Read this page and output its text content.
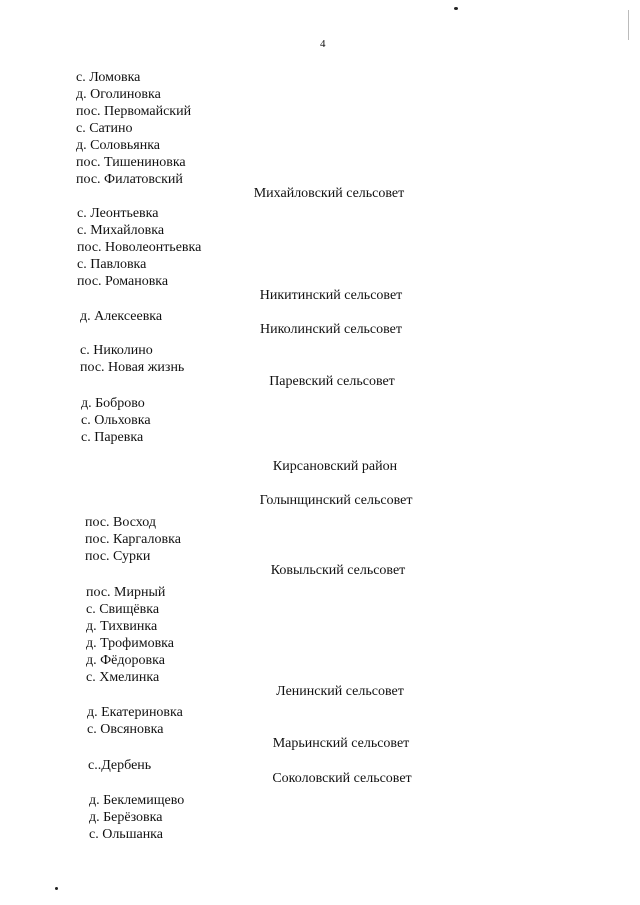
4
с. Ломовка
д. Оголиновка
пос. Первомайский
с. Сатино
д. Соловьянка
пос. Тишениновка
пос. Филатовский
Михайловский сельсовет
с. Леонтьевка
с. Михайловка
пос. Новолеонтьевка
с. Павловка
пос. Романовка
Никитинский сельсовет
д. Алексеевка
Николинский сельсовет
с. Николино
пос. Новая жизнь
Паревский сельсовет
д. Боброво
с. Ольховка
с. Паревка
Кирсановский район
Голынщинский сельсовет
пос. Восход
пос. Каргаловка
пос. Сурки
Ковыльский сельсовет
пос. Мирный
с. Свищёвка
д. Тихвинка
д. Трофимовка
д. Фёдоровка
с. Хмелинка
Ленинский сельсовет
д. Екатериновка
с. Овсяновка
Марьинский сельсовет
с..Дербень
Соколовский сельсовет
д. Беклемищево
д. Берёзовка
с. Ольшанка
